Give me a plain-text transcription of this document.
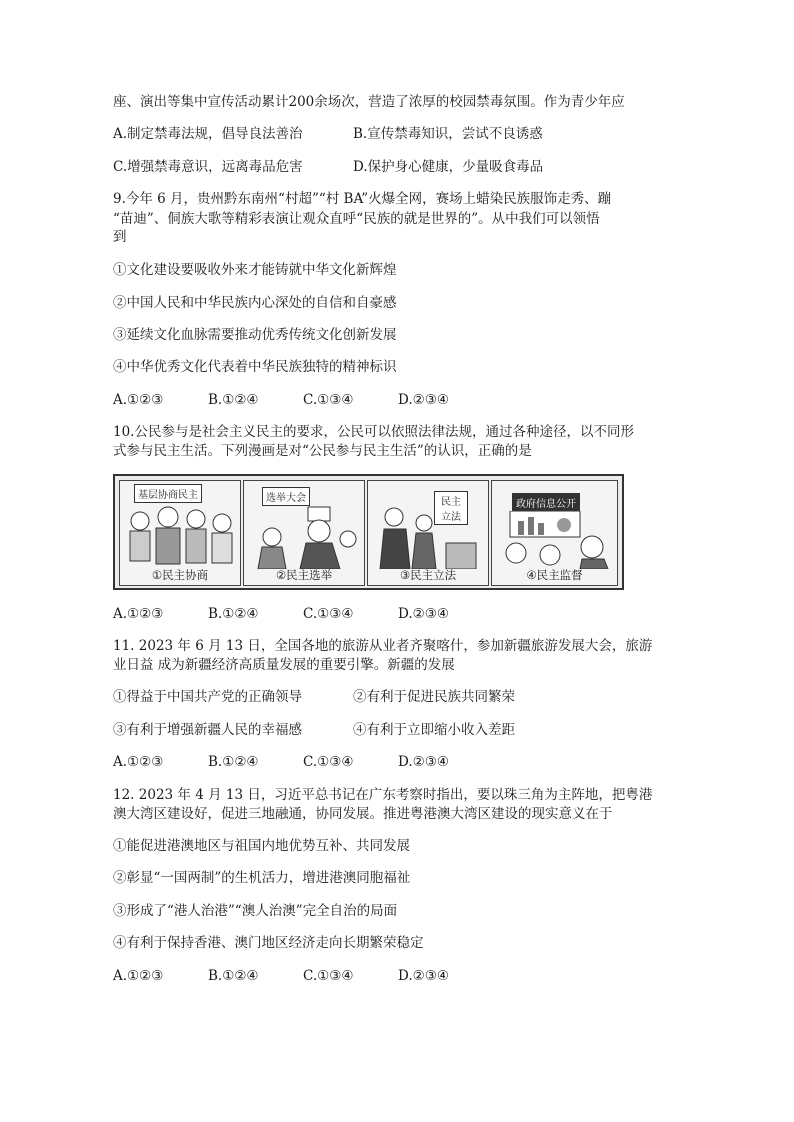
座、演出等集中宣传活动累计200余场次，营造了浓厚的校园禁毒氛围。作为青少年应
A.制定禁毒法规，倡导良法善治	B.宣传禁毒知识，尝试不良诱惑
C.增强禁毒意识，远离毒品危害	D.保护身心健康，少量吸食毒品
9.今年 6 月，贵州黔东南州“村超”“村 BA”火爆全网，赛场上蜡染民族服饰走秀、蹦
“苗迪”、侗族大歌等精彩表演让观众直呼“民族的就是世界的”。从中我们可以领悟
到
①文化建设要吸收外来才能铸就中华文化新辉煌
②中国人民和中华民族内心深处的自信和自豪感
③延续文化血脉需要推动优秀传统文化创新发展
④中华优秀文化代表着中华民族独特的精神标识
A.①②③	B.①②④	C.①③④	D.②③④
10.公民参与是社会主义民主的要求，公民可以依照法律法规，通过各种途径，以不同形
式参与民主生活。下列漫画是对“公民参与民主生活”的认识，正确的是
基层协商民主
①民主协商
选举大会
②民主选举
民主立法
③民主立法
政府信息公开
④民主监督
A.①②③	B.①②④	C.①③④	D.②③④
11. 2023 年 6 月 13 日，全国各地的旅游从业者齐聚喀什，参加新疆旅游发展大会，旅游
业日益 成为新疆经济高质量发展的重要引擎。新疆的发展
①得益于中国共产党的正确领导	②有利于促进民族共同繁荣
③有利于增强新疆人民的幸福感	④有利于立即缩小收入差距
A.①②③	B.①②④	C.①③④	D.②③④
12. 2023 年 4 月 13 日，习近平总书记在广东考察时指出，要以珠三角为主阵地，把粤港
澳大湾区建设好，促进三地融通，协同发展。推进粤港澳大湾区建设的现实意义在于
①能促进港澳地区与祖国内地优势互补、共同发展
②彰显“一国两制”的生机活力，增进港澳同胞福祉
③形成了“港人治港”“澳人治澳”完全自治的局面
④有利于保持香港、澳门地区经济走向长期繁荣稳定
A.①②③	B.①②④	C.①③④	D.②③④
